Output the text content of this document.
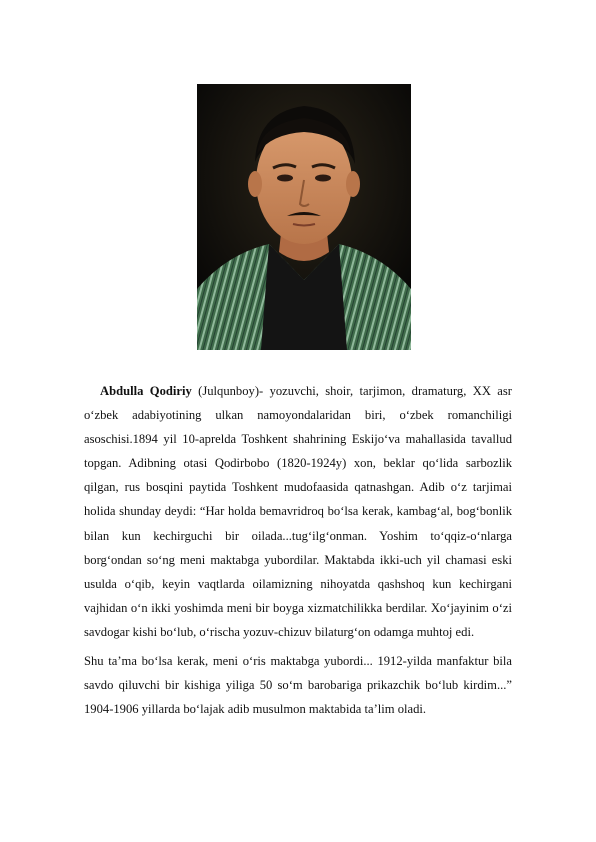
Abdulla Qodiriy (Julqunboy)- yozuvchi, shoir, tarjimon, dramaturg, XX asr o‘zbek adabiyotining ulkan namoyondalaridan biri, o‘zbek romanchiligi asoschisi.1894 yil 10-aprelda Toshkent shahrining Eskijo‘va mahallasida tavallud topgan. Adibning otasi Qodirbobo (1820-1924y) xon, beklar qo‘lida sarbozlik qilgan, rus bosqini paytida Toshkent mudofaasida qatnashgan. Adib o‘z tarjimai holida shunday deydi: “Har holda bemavridroq bo‘lsa kerak, kambag‘al, bog‘bonlik bilan kun kechirguchi bir oilada...tug‘ilg‘onman. Yoshim to‘qqiz-o‘nlarga borg‘ondan so‘ng meni maktabga yubordilar. Maktabda ikki-uch yil chamasi eski usulda o‘qib, keyin vaqtlarda oilamizning nihoyatda qashshoq kun kechirgani vajhidan o‘n ikki yoshimda meni bir boyga xizmatchilikka berdilar. Xo‘jayinim o‘zi savdogar kishi bo‘lub, o‘rischa yozuv-chizuv bilaturg‘on odamga muhtoj edi.

Shu ta’ma bo‘lsa kerak, meni o‘ris maktabga yubordi... 1912-yilda manfaktur bila savdo qiluvchi bir kishiga yiliga 50 so‘m barobariga prikazchik bo‘lub kirdim...” 1904-1906 yillarda bo‘lajak adib musulmon maktabida ta’lim oladi.
